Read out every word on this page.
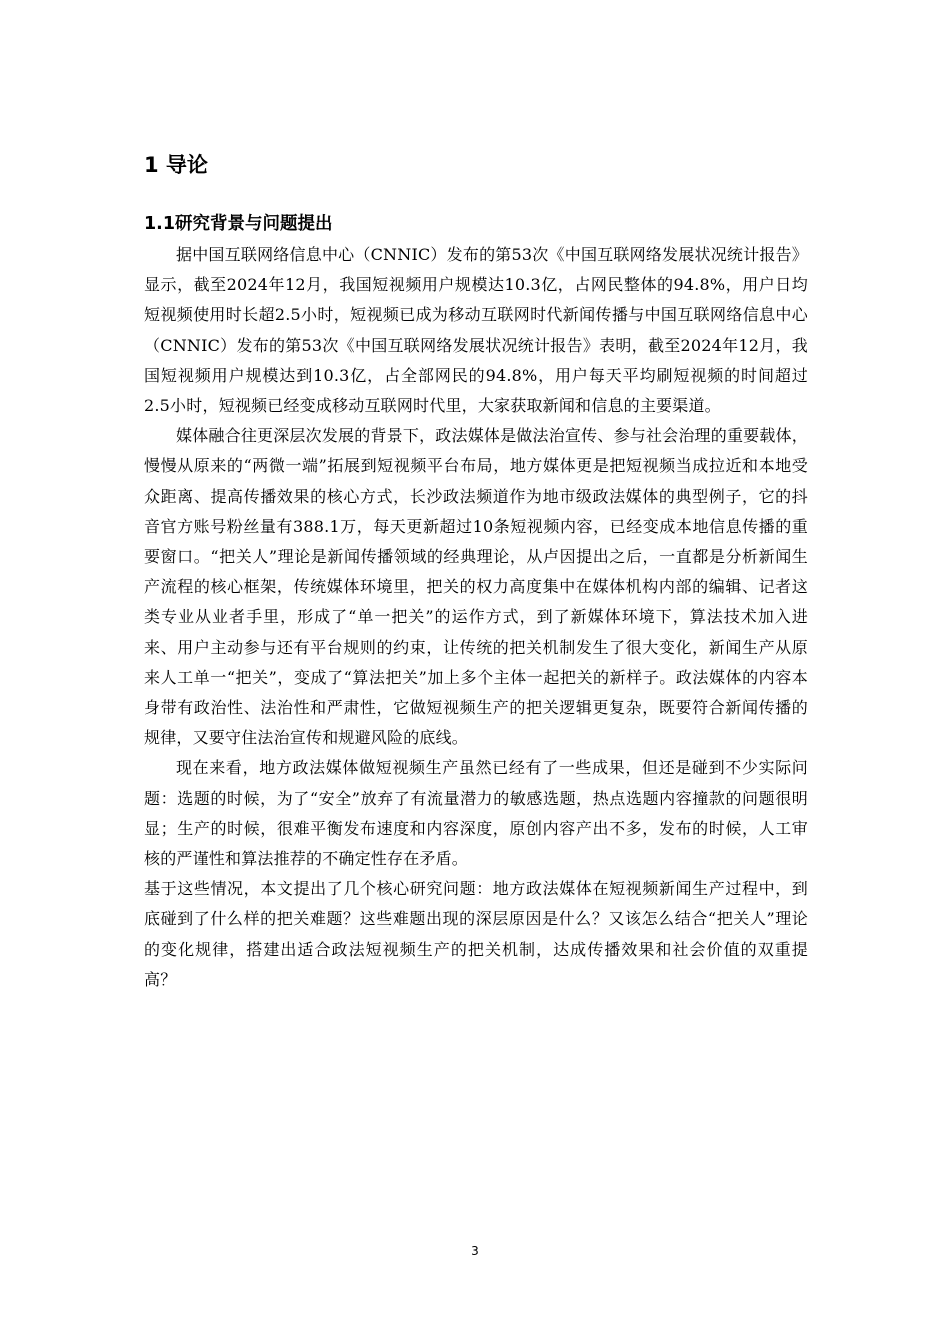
1 导论
1.1研究背景与问题提出

据中国互联网络信息中心（CNNIC）发布的第53次《中国互联网络发展状况统计报告》显示，截至2024年12月，我国短视频用户规模达10.3亿，占网民整体的94.8%，用户日均短视频使用时长超2.5小时，短视频已成为移动互联网时代新闻传播与中国互联网络信息中心（CNNIC）发布的第53次《中国互联网络发展状况统计报告》表明，截至2024年12月，我国短视频用户规模达到10.3亿，占全部网民的94.8%，用户每天平均刷短视频的时间超过2.5小时，短视频已经变成移动互联网时代里，大家获取新闻和信息的主要渠道。

媒体融合往更深层次发展的背景下，政法媒体是做法治宣传、参与社会治理的重要载体，慢慢从原来的“两微一端”拓展到短视频平台布局，地方媒体更是把短视频当成拉近和本地受众距离、提高传播效果的核心方式，长沙政法频道作为地市级政法媒体的典型例子，它的抖音官方账号粉丝量有388.1万，每天更新超过10条短视频内容，已经变成本地信息传播的重要窗口。“把关人”理论是新闻传播领域的经典理论，从卢因提出之后，一直都是分析新闻生产流程的核心框架，传统媒体环境里，把关的权力高度集中在媒体机构内部的编辑、记者这类专业从业者手里，形成了“单一把关”的运作方式，到了新媒体环境下，算法技术加入进来、用户主动参与还有平台规则的约束，让传统的把关机制发生了很大变化，新闻生产从原来人工单一“把关”，变成了“算法把关”加上多个主体一起把关的新样子。政法媒体的内容本身带有政治性、法治性和严肃性，它做短视频生产的把关逻辑更复杂，既要符合新闻传播的规律，又要守住法治宣传和规避风险的底线。

现在来看，地方政法媒体做短视频生产虽然已经有了一些成果，但还是碰到不少实际问题：选题的时候，为了“安全”放弃了有流量潜力的敏感选题，热点选题内容撞款的问题很明显；生产的时候，很难平衡发布速度和内容深度，原创内容产出不多，发布的时候，人工审核的严谨性和算法推荐的不确定性存在矛盾。

基于这些情况，本文提出了几个核心研究问题：地方政法媒体在短视频新闻生产过程中，到底碰到了什么样的把关难题？这些难题出现的深层原因是什么？又该怎么结合“把关人”理论的变化规律，搭建出适合政法短视频生产的把关机制，达成传播效果和社会价值的双重提高？

3
